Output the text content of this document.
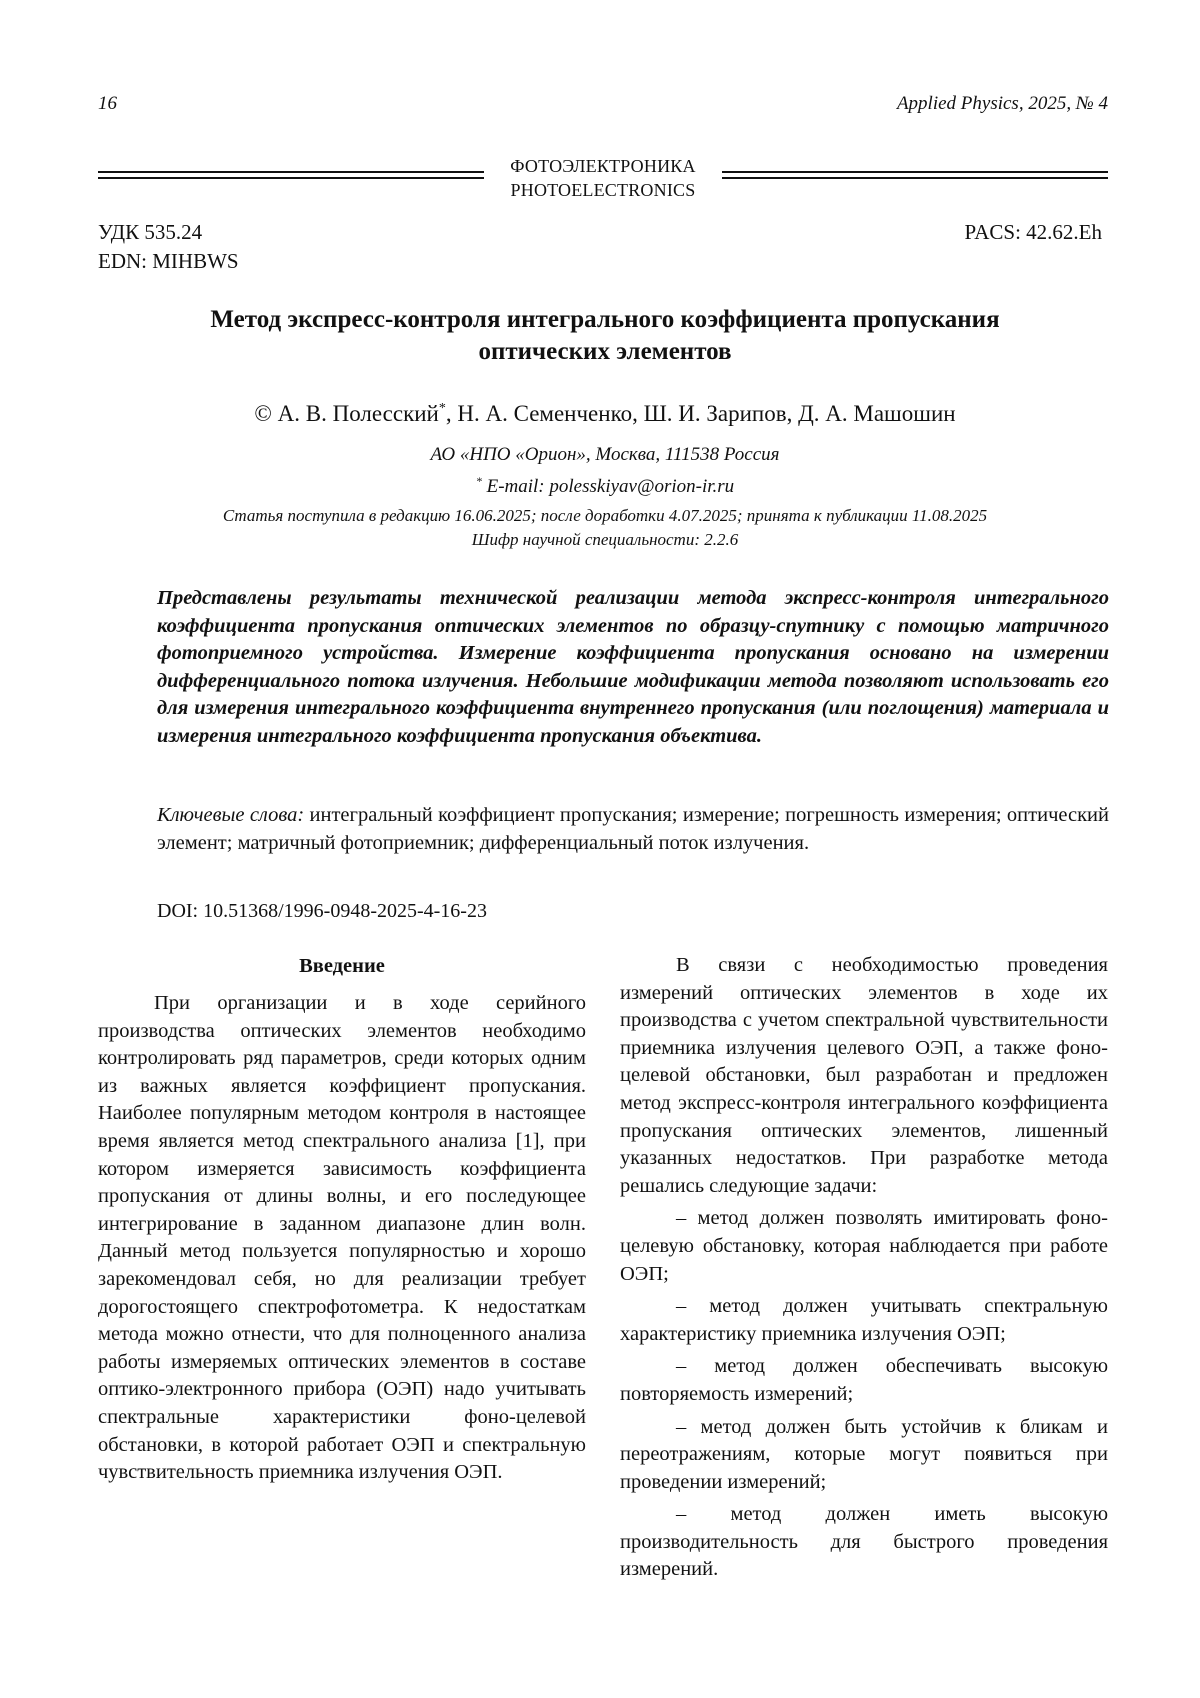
16	Applied Physics, 2025, № 4
ФОТОЭЛЕКТРОНИКА
PHOTOELECTRONICS
УДК 535.24
EDN: MIHBWS
PACS: 42.62.Eh
Метод экспресс-контроля интегрального коэффициента пропускания
оптических элементов
© А. В. Полесский*, Н. А. Семенченко, Ш. И. Зарипов, Д. А. Машошин
АО «НПО «Орион», Москва, 111538 Россия
* E-mail: polesskiyav@orion-ir.ru
Статья поступила в редакцию 16.06.2025; после доработки 4.07.2025; принята к публикации 11.08.2025
Шифр научной специальности: 2.2.6
Представлены результаты технической реализации метода экспресс-контроля интегрального коэффициента пропускания оптических элементов по образцу-спутнику с помощью матричного фотоприемного устройства. Измерение коэффициента пропускания основано на измерении дифференциального потока излучения. Небольшие модификации метода позволяют использовать его для измерения интегрального коэффициента внутреннего пропускания (или поглощения) материала и измерения интегрального коэффициента пропускания объектива.
Ключевые слова: интегральный коэффициент пропускания; измерение; погрешность измерения; оптический элемент; матричный фотоприемник; дифференциальный поток излучения.
DOI: 10.51368/1996-0948-2025-4-16-23
Введение

При организации и в ходе серийного производства оптических элементов необходимо контролировать ряд параметров, среди которых одним из важных является коэффициент пропускания. Наиболее популярным методом контроля в настоящее время является метод спектрального анализа [1], при котором измеряется зависимость коэффициента пропускания от длины волны, и его последующее интегрирование в заданном диапазоне длин волн. Данный метод пользуется популярностью и хорошо зарекомендовал себя, но для реализации требует дорогостоящего спектрофотометра. К недостаткам метода можно отнести, что для полноценного анализа работы измеряемых оптических элементов в составе оптико-электронного прибора (ОЭП) надо учитывать спектральные характеристики фоно-целевой обстановки, в которой работает ОЭП и спектральную чувствительность приемника излучения ОЭП.

В связи с необходимостью проведения измерений оптических элементов в ходе их производства с учетом спектральной чувствительности приемника излучения целевого ОЭП, а также фоно-целевой обстановки, был разработан и предложен метод экспресс-контроля интегрального коэффициента пропускания оптических элементов, лишенный указанных недостатков. При разработке метода решались следующие задачи:

– метод должен позволять имитировать фоно-целевую обстановку, которая наблюдается при работе ОЭП;
– метод должен учитывать спектральную характеристику приемника излучения ОЭП;
– метод должен обеспечивать высокую повторяемость измерений;
– метод должен быть устойчив к бликам и переотражениям, которые могут появиться при проведении измерений;
– метод должен иметь высокую производительность для быстрого проведения измерений.
